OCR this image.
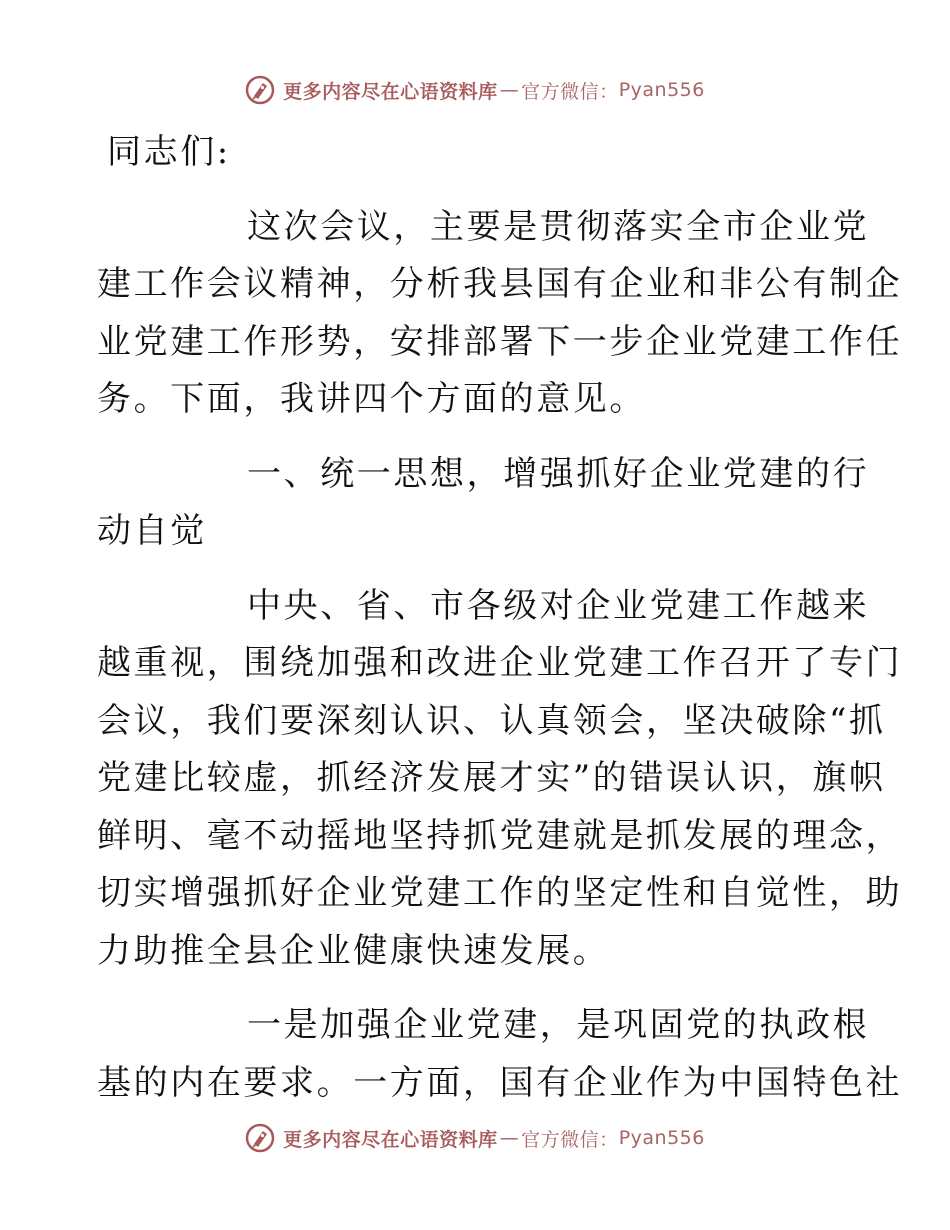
更多内容尽在心语资料库 — 官方微信： Pyan556
同志们:
这次会议，主要是贯彻落实全市企业党
建工作会议精神，分析我县国有企业和非公有制企
业党建工作形势，安排部署下一步企业党建工作任
务。下面，我讲四个方面的意见。
一、统一思想，增强抓好企业党建的行
动自觉
中央、省、市各级对企业党建工作越来
越重视，围绕加强和改进企业党建工作召开了专门
会议，我们要深刻认识、认真领会，坚决破除“抓
党建比较虚，抓经济发展才实”的错误认识，旗帜
鲜明、毫不动摇地坚持抓党建就是抓发展的理念，
切实增强抓好企业党建工作的坚定性和自觉性，助
力助推全县企业健康快速发展。
一是加强企业党建，是巩固党的执政根
基的内在要求。一方面，国有企业作为中国特色社
更多内容尽在心语资料库 — 官方微信： Pyan556
